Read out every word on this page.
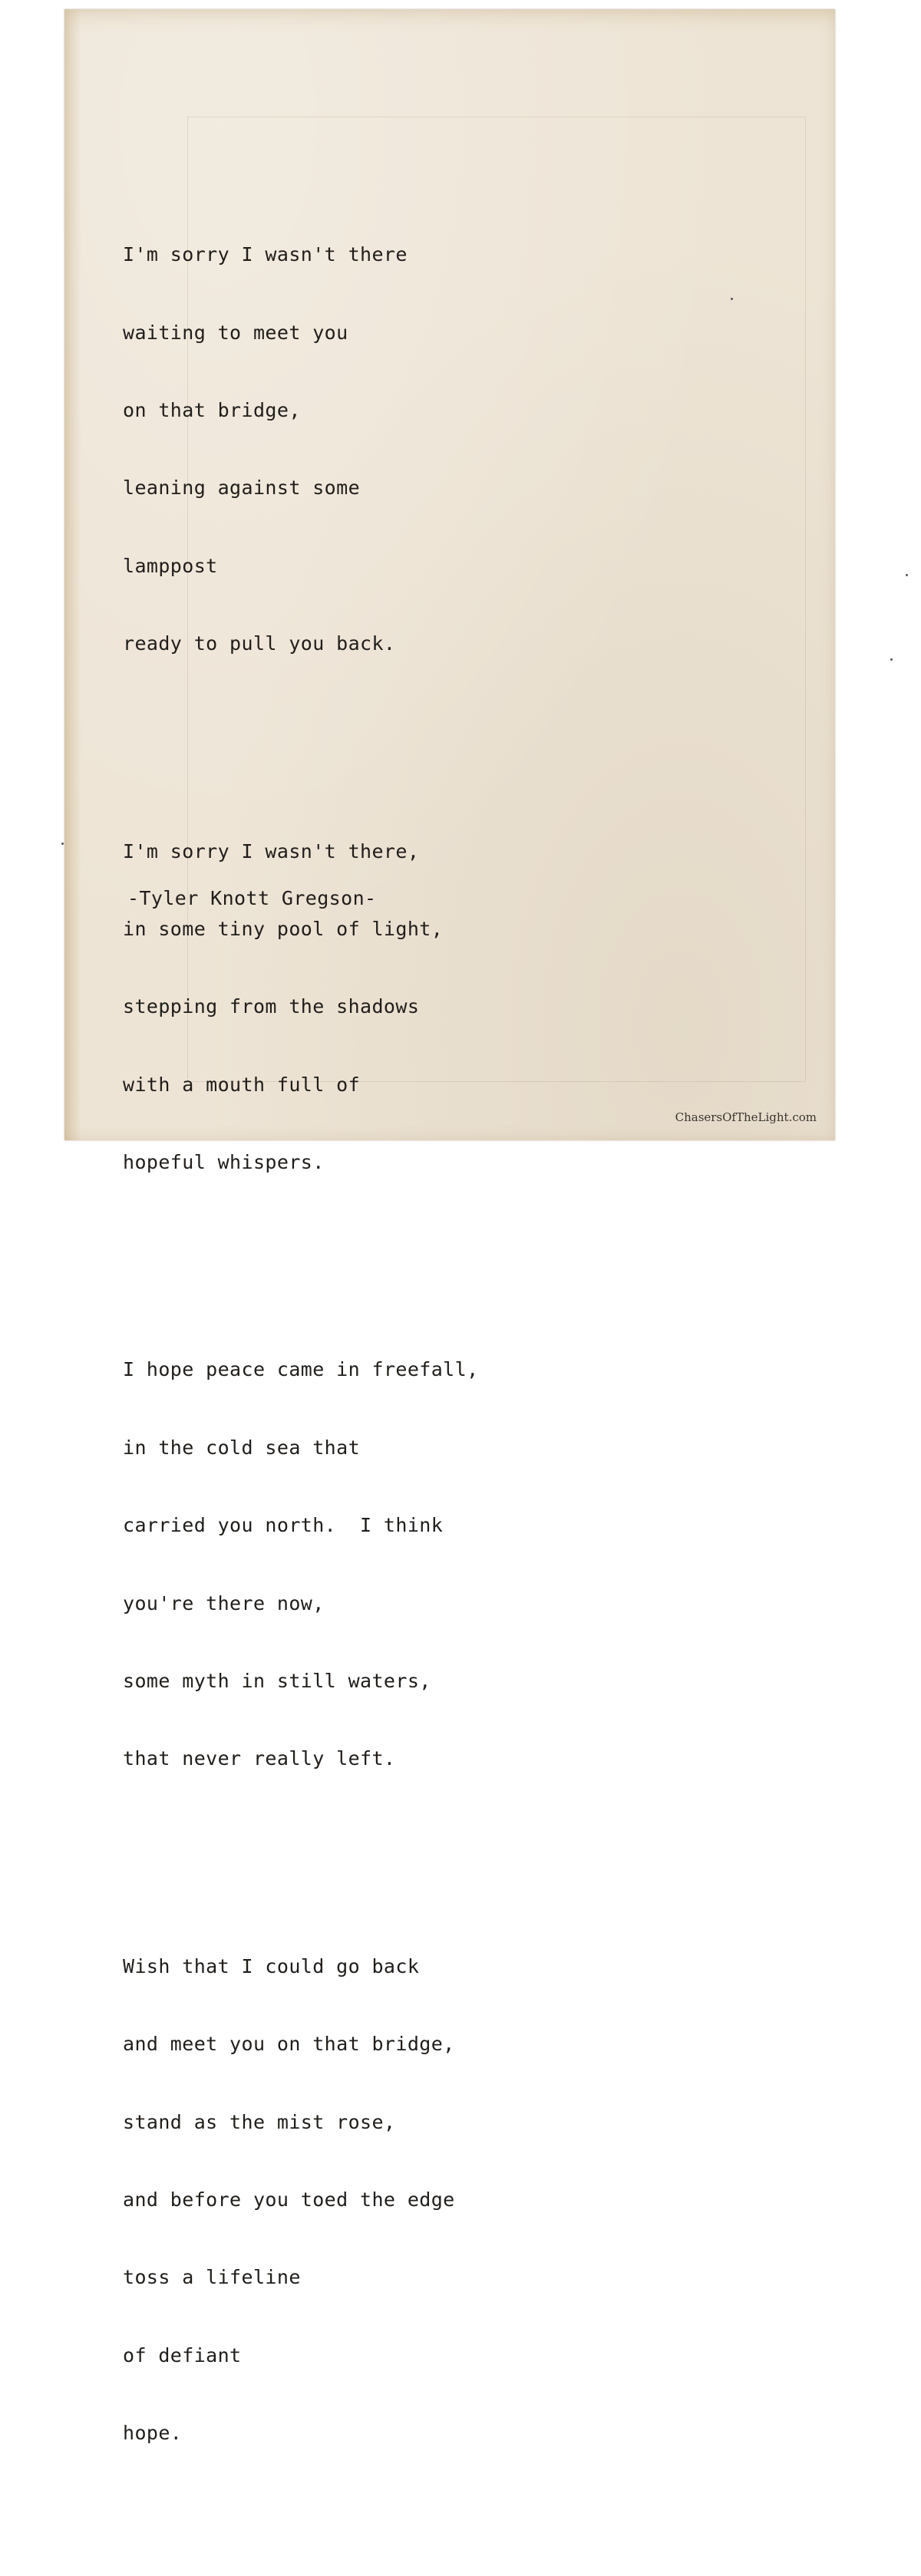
I'm sorry I wasn't there

waiting to meet you

on that bridge,

leaning against some

lamppost

ready to pull you back.

I'm sorry I wasn't there,

in some tiny pool of light,

stepping from the shadows

with a mouth full of

hopeful whispers.

I hope peace came in freefall,

in the cold sea that

carried you north.  I think

you're there now,

some myth in still waters,

that never really left.

Wish that I could go back

and meet you on that bridge,

stand as the mist rose,

and before you toed the edge

toss a lifeline

of defiant

hope.

-Tyler Knott Gregson-
ChasersOfTheLight.com
